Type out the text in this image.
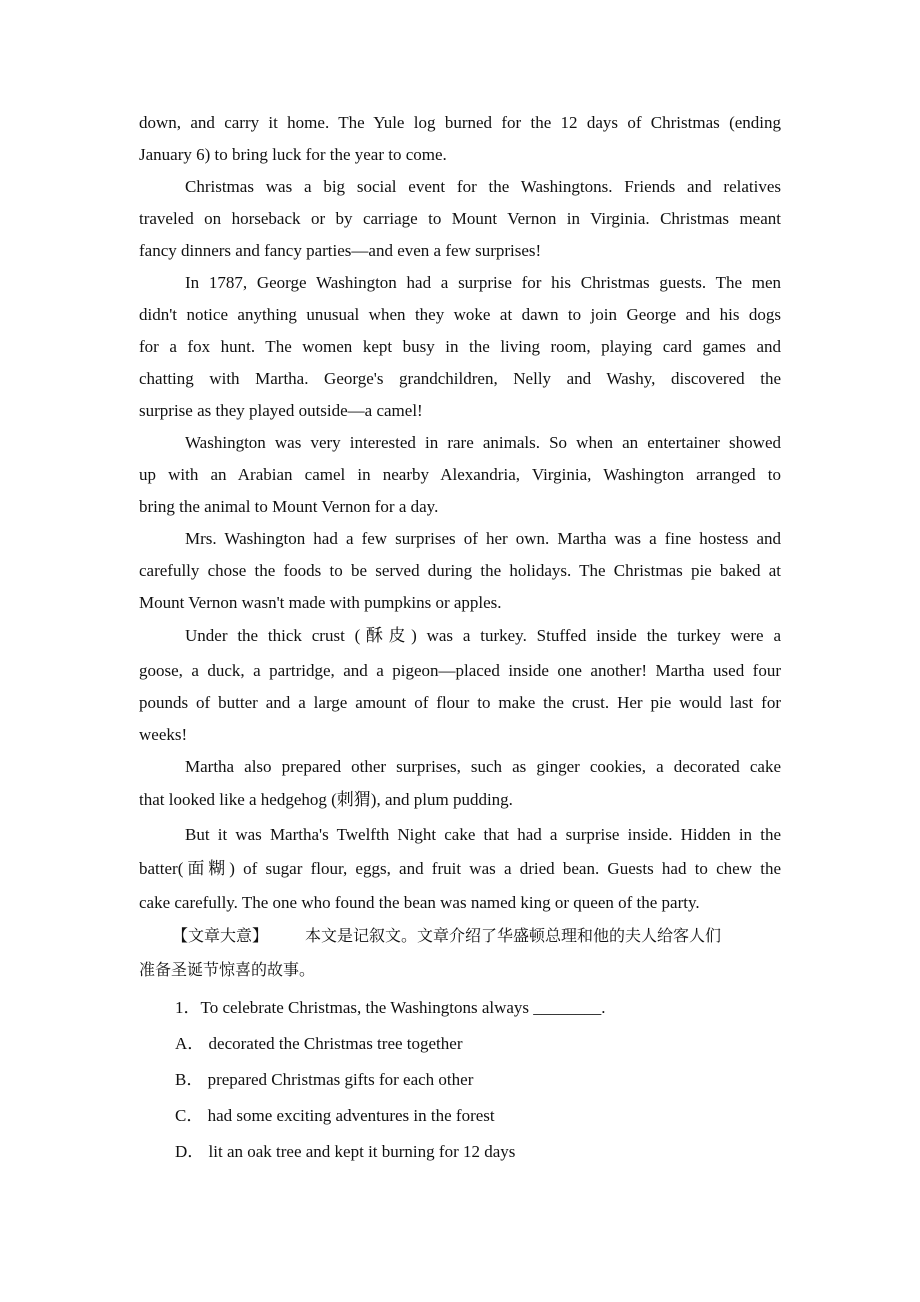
down, and carry it home. The Yule log burned for the 12 days of Christmas (ending
January 6) to bring luck for the year to come.
Christmas was a big social event for the Washingtons. Friends and relatives
traveled on horseback or by carriage to Mount Vernon in Virginia. Christmas meant
fancy dinners and fancy parties—and even a few surprises!
In 1787, George Washington had a surprise for his Christmas guests. The men
didn't notice anything unusual when they woke at dawn to join George and his dogs
for a fox hunt. The women kept busy in the living room, playing card games and
chatting with Martha. George's grandchildren, Nelly and Washy, discovered the
surprise as they played outside—a camel!
Washington was very interested in rare animals. So when an entertainer showed
up with an Arabian camel in nearby Alexandria, Virginia, Washington arranged to
bring the animal to Mount Vernon for a day.
Mrs. Washington had a few surprises of her own. Martha was a fine hostess and
carefully chose the foods to be served during the holidays. The Christmas pie baked at
Mount Vernon wasn't made with pumpkins or apples.
Under the thick crust (酥皮) was a turkey. Stuffed inside the turkey were a
goose, a duck, a partridge, and a pigeon—placed inside one another! Martha used four
pounds of butter and a large amount of flour to make the crust. Her pie would last for
weeks!
Martha also prepared other surprises, such as ginger cookies, a decorated cake
that looked like a hedgehog (刺猬), and plum pudding.
But it was Martha's Twelfth Night cake that had a surprise inside. Hidden in the
batter(面糊) of sugar flour, eggs, and fruit was a dried bean. Guests had to chew the
cake carefully. The one who found the bean was named king or queen of the party.
【文章大意】	本文是记叙文。文章介绍了华盛顿总理和他的夫人给客人们
准备圣诞节惊喜的故事。
1．To celebrate Christmas, the Washingtons always ________.
A． decorated the Christmas tree together
B． prepared Christmas gifts for each other
C． had some exciting adventures in the forest
D． lit an oak tree and kept it burning for 12 days
